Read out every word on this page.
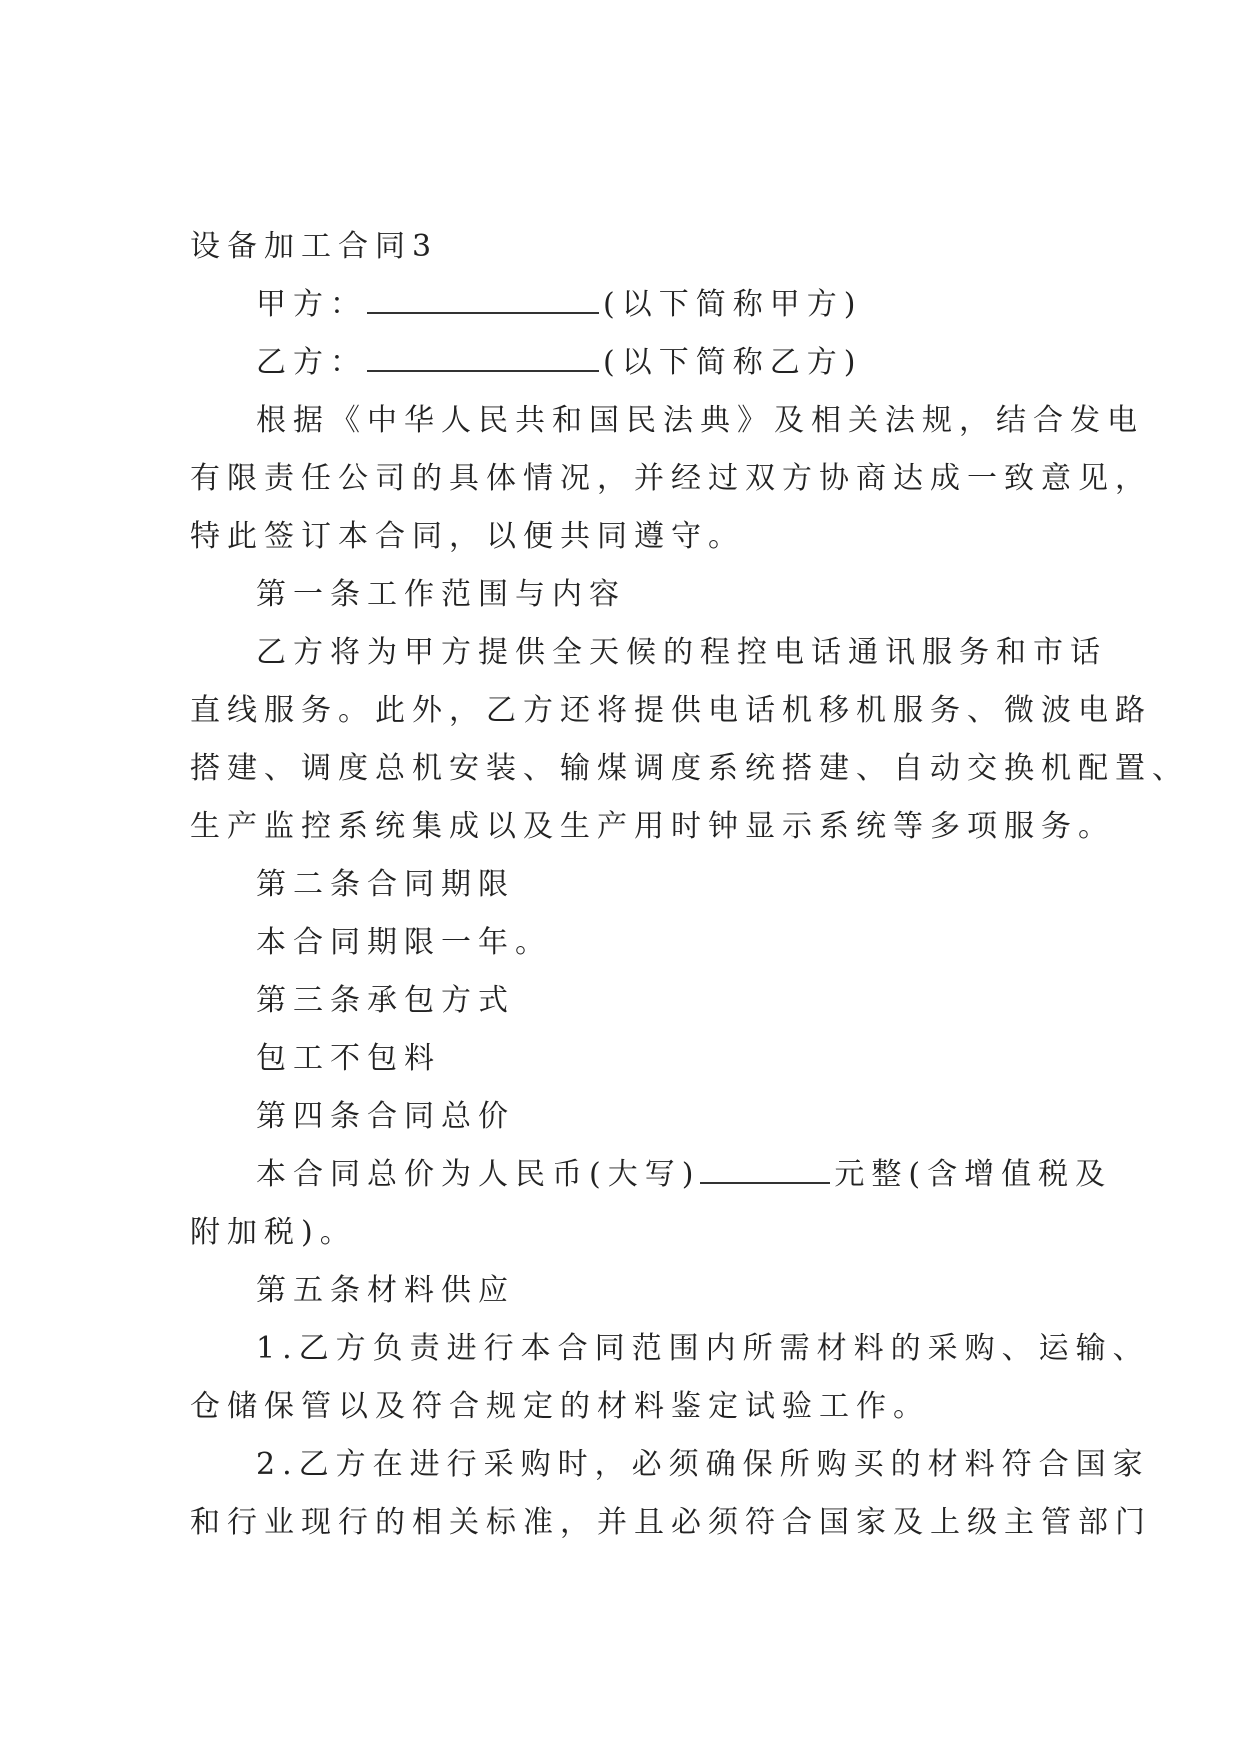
设备加工合同3
甲方：	(以下简称甲方)
乙方：	(以下简称乙方)
根据《中华人民共和国民法典》及相关法规，结合发电
有限责任公司的具体情况，并经过双方协商达成一致意见，
特此签订本合同，以便共同遵守。
第一条工作范围与内容
乙方将为甲方提供全天候的程控电话通讯服务和市话
直线服务。此外，乙方还将提供电话机移机服务、微波电路
搭建、调度总机安装、输煤调度系统搭建、自动交换机配置、
生产监控系统集成以及生产用时钟显示系统等多项服务。
第二条合同期限
本合同期限一年。
第三条承包方式
包工不包料
第四条合同总价
本合同总价为人民币(大写)	元整(含增值税及
附加税)。
第五条材料供应
1.乙方负责进行本合同范围内所需材料的采购、运输、
仓储保管以及符合规定的材料鉴定试验工作。
2.乙方在进行采购时，必须确保所购买的材料符合国家
和行业现行的相关标准，并且必须符合国家及上级主管部门
